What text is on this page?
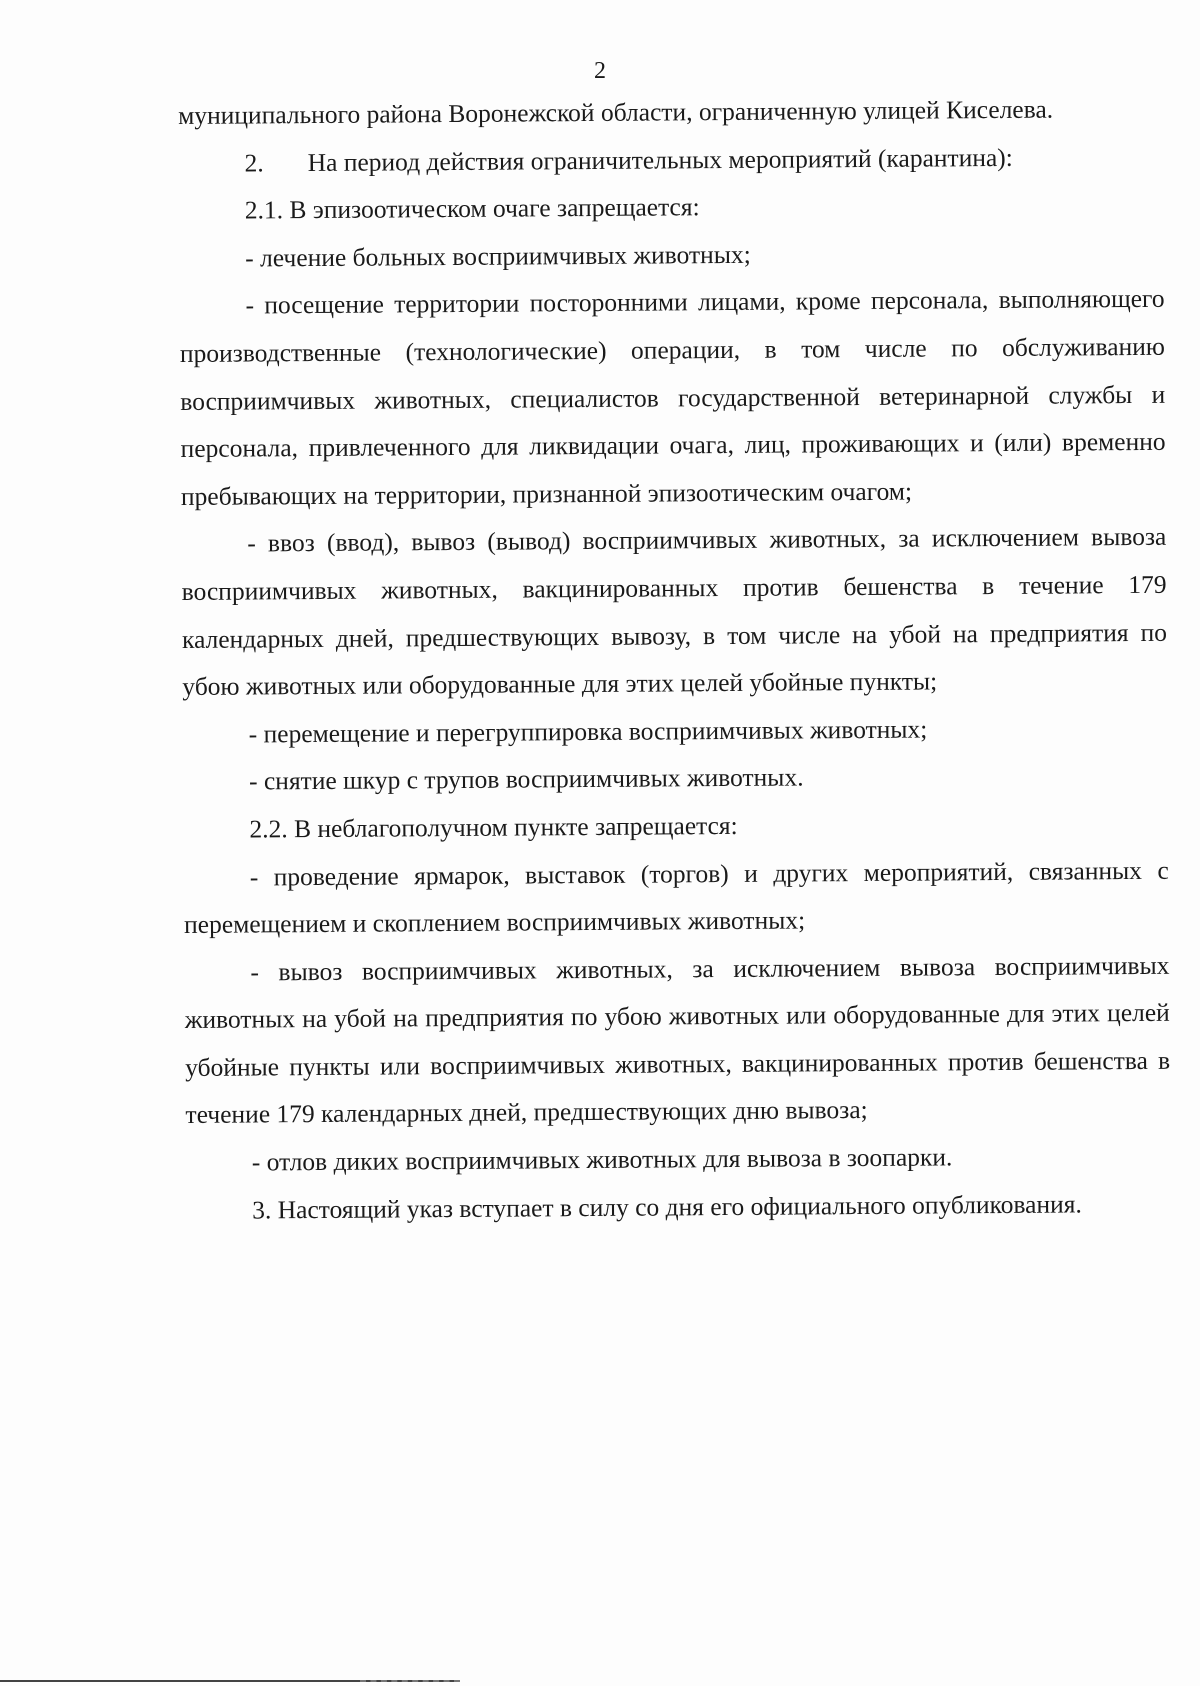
2

муниципального района Воронежской области, ограниченную улицей Киселева.

2. На период действия ограничительных мероприятий (карантина):

2.1. В эпизоотическом очаге запрещается:

- лечение больных восприимчивых животных;

- посещение территории посторонними лицами, кроме персонала, выполняющего производственные (технологические) операции, в том числе по обслуживанию восприимчивых животных, специалистов государственной ветеринарной службы и персонала, привлеченного для ликвидации очага, лиц, проживающих и (или) временно пребывающих на территории, признанной эпизоотическим очагом;

- ввоз (ввод), вывоз (вывод) восприимчивых животных, за исключением вывоза восприимчивых животных, вакцинированных против бешенства в течение 179 календарных дней, предшествующих вывозу, в том числе на убой на предприятия по убою животных или оборудованные для этих целей убойные пункты;

- перемещение и перегруппировка восприимчивых животных;

- снятие шкур с трупов восприимчивых животных.

2.2. В неблагополучном пункте запрещается:

- проведение ярмарок, выставок (торгов) и других мероприятий, связанных с перемещением и скоплением восприимчивых животных;

- вывоз восприимчивых животных, за исключением вывоза восприимчивых животных на убой на предприятия по убою животных или оборудованные для этих целей убойные пункты или восприимчивых животных, вакцинированных против бешенства в течение 179 календарных дней, предшествующих дню вывоза;

- отлов диких восприимчивых животных для вывоза в зоопарки.

3. Настоящий указ вступает в силу со дня его официального опубликования.
